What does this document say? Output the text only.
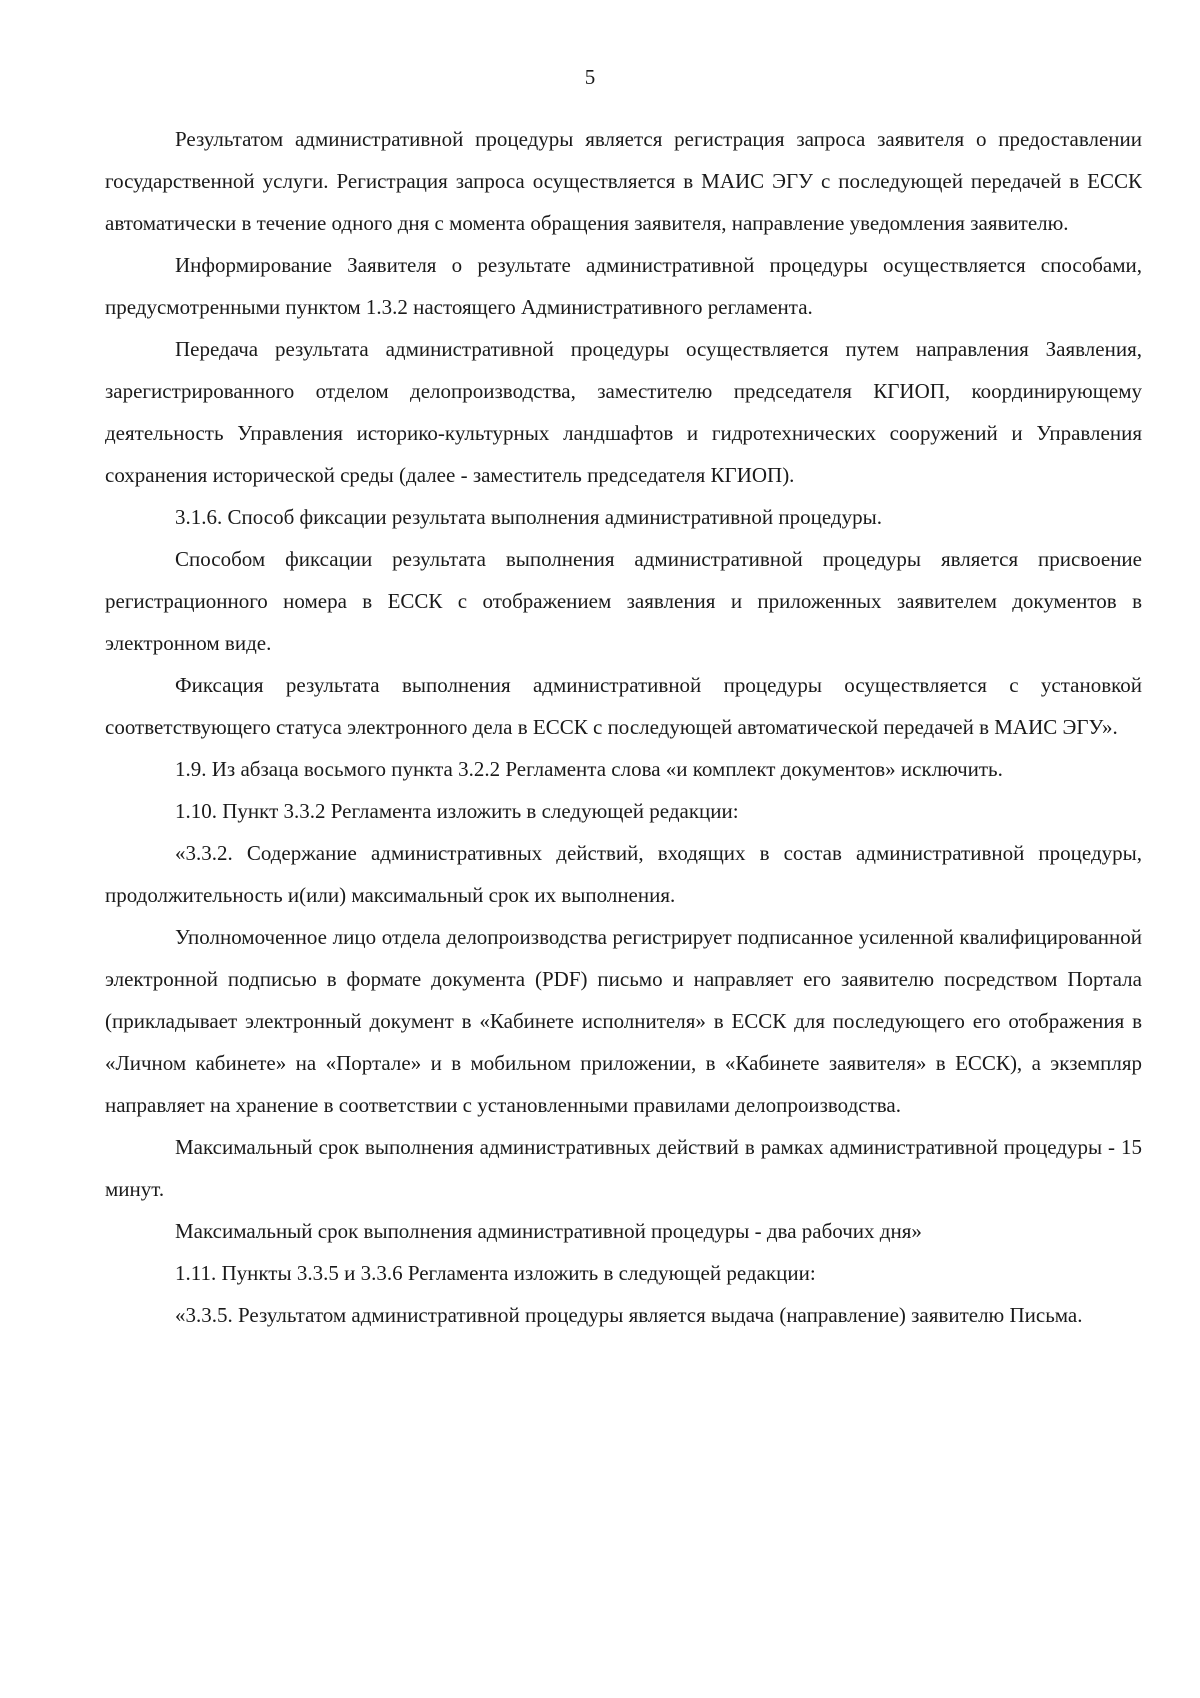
5

Результатом административной процедуры является регистрация запроса заявителя о предоставлении государственной услуги. Регистрация запроса осуществляется в МАИС ЭГУ с последующей передачей в ЕССК автоматически в течение одного дня с момента обращения заявителя, направление уведомления заявителю.

Информирование Заявителя о результате административной процедуры осуществляется способами, предусмотренными пунктом 1.3.2 настоящего Административного регламента.

Передача результата административной процедуры осуществляется путем направления Заявления, зарегистрированного отделом делопроизводства, заместителю председателя КГИОП, координирующему деятельность Управления историко-культурных ландшафтов и гидротехнических сооружений и Управления сохранения исторической среды (далее - заместитель председателя КГИОП).

3.1.6. Способ фиксации результата выполнения административной процедуры.

Способом фиксации результата выполнения административной процедуры является присвоение регистрационного номера в ЕССК с отображением заявления и приложенных заявителем документов в электронном виде.

Фиксация результата выполнения административной процедуры осуществляется с установкой соответствующего статуса электронного дела в ЕССК с последующей автоматической передачей в МАИС ЭГУ».

1.9. Из абзаца восьмого пункта 3.2.2 Регламента слова «и комплект документов» исключить.

1.10. Пункт 3.3.2 Регламента изложить в следующей редакции:

«3.3.2. Содержание административных действий, входящих в состав административной процедуры, продолжительность и(или) максимальный срок их выполнения.

Уполномоченное лицо отдела делопроизводства регистрирует подписанное усиленной квалифицированной электронной подписью в формате документа (PDF) письмо и направляет его заявителю посредством Портала (прикладывает электронный документ в «Кабинете исполнителя» в ЕССК для последующего его отображения в «Личном кабинете» на «Портале» и в мобильном приложении, в «Кабинете заявителя» в ЕССК), а экземпляр направляет на хранение в соответствии с установленными правилами делопроизводства.

Максимальный срок выполнения административных действий в рамках административной процедуры - 15 минут.

Максимальный срок выполнения административной процедуры - два рабочих дня»

1.11. Пункты 3.3.5 и 3.3.6 Регламента изложить в следующей редакции:

«3.3.5. Результатом административной процедуры является выдача (направление) заявителю Письма.
